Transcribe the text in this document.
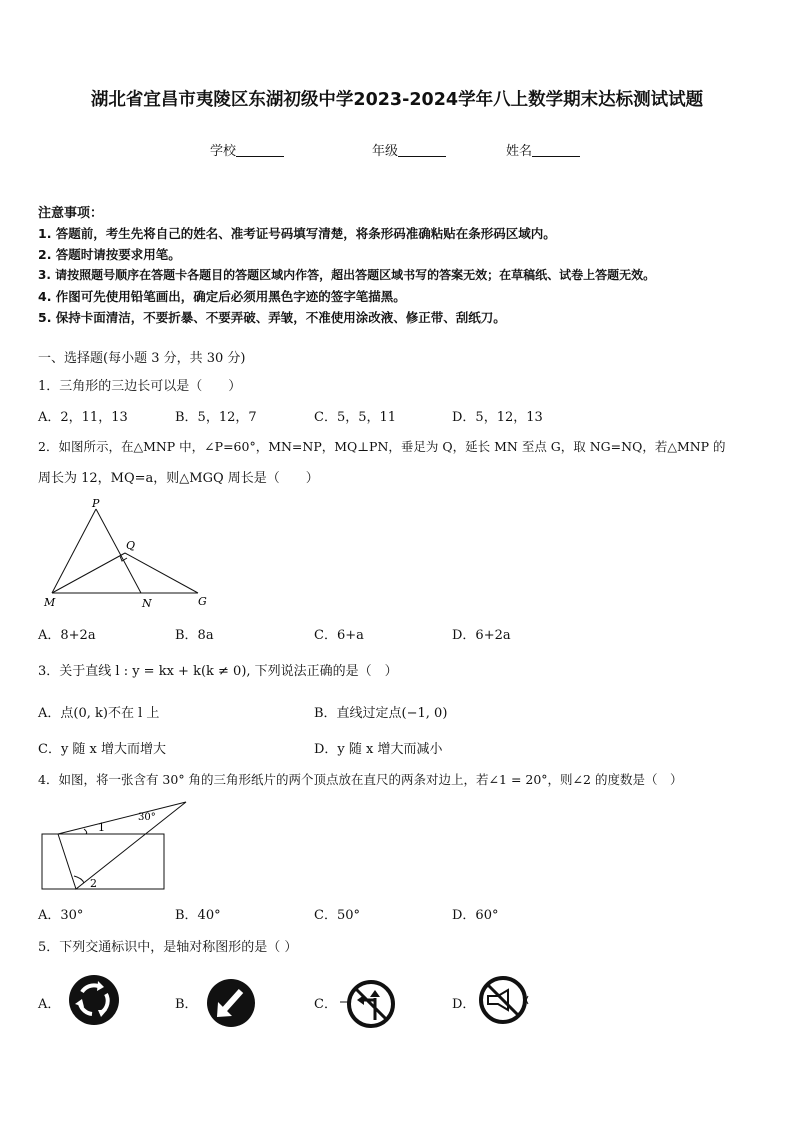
湖北省宜昌市夷陵区东湖初级中学2023-2024学年八上数学期末达标测试试题
学校	年级	姓名
注意事项：
1. 答题前，考生先将自己的姓名、准考证号码填写清楚，将条形码准确粘贴在条形码区域内。
2. 答题时请按要求用笔。
3. 请按照题号顺序在答题卡各题目的答题区域内作答，超出答题区域书写的答案无效；在草稿纸、试卷上答题无效。
4. 作图可先使用铅笔画出，确定后必须用黑色字迹的签字笔描黑。
5. 保持卡面清洁，不要折暴、不要弄破、弄皱，不准使用涂改液、修正带、刮纸刀。
一、选择题(每小题 3 分，共 30 分)
1．三角形的三边长可以是（　　）
A．2，11，13	B．5，12，7	C．5，5，11	D．5，12，13
2．如图所示，在△MNP 中，∠P=60°，MN=NP，MQ⊥PN，垂足为 Q，延长 MN 至点 G，取 NG=NQ，若△MNP 的
周长为 12，MQ=a，则△MGQ 周长是（　　）
P
Q
M	N	G
A．8+2a	B．8a	C．6+a	D．6+2a
3．关于直线 l : y = kx + k(k ≠ 0), 下列说法正确的是（　）
A．点(0, k)不在 l 上	B．直线过定点(−1, 0)
C．y 随 x 增大而增大	D．y 随 x 增大而减小
4．如图，将一张含有 30° 角的三角形纸片的两个顶点放在直尺的两条对边上，若∠1 = 20°，则∠2 的度数是（　）
1
2
30°
A．30°	B．40°	C．50°	D．60°
5．下列交通标识中，是轴对称图形的是（ ）
A．	B．	C．	D．
